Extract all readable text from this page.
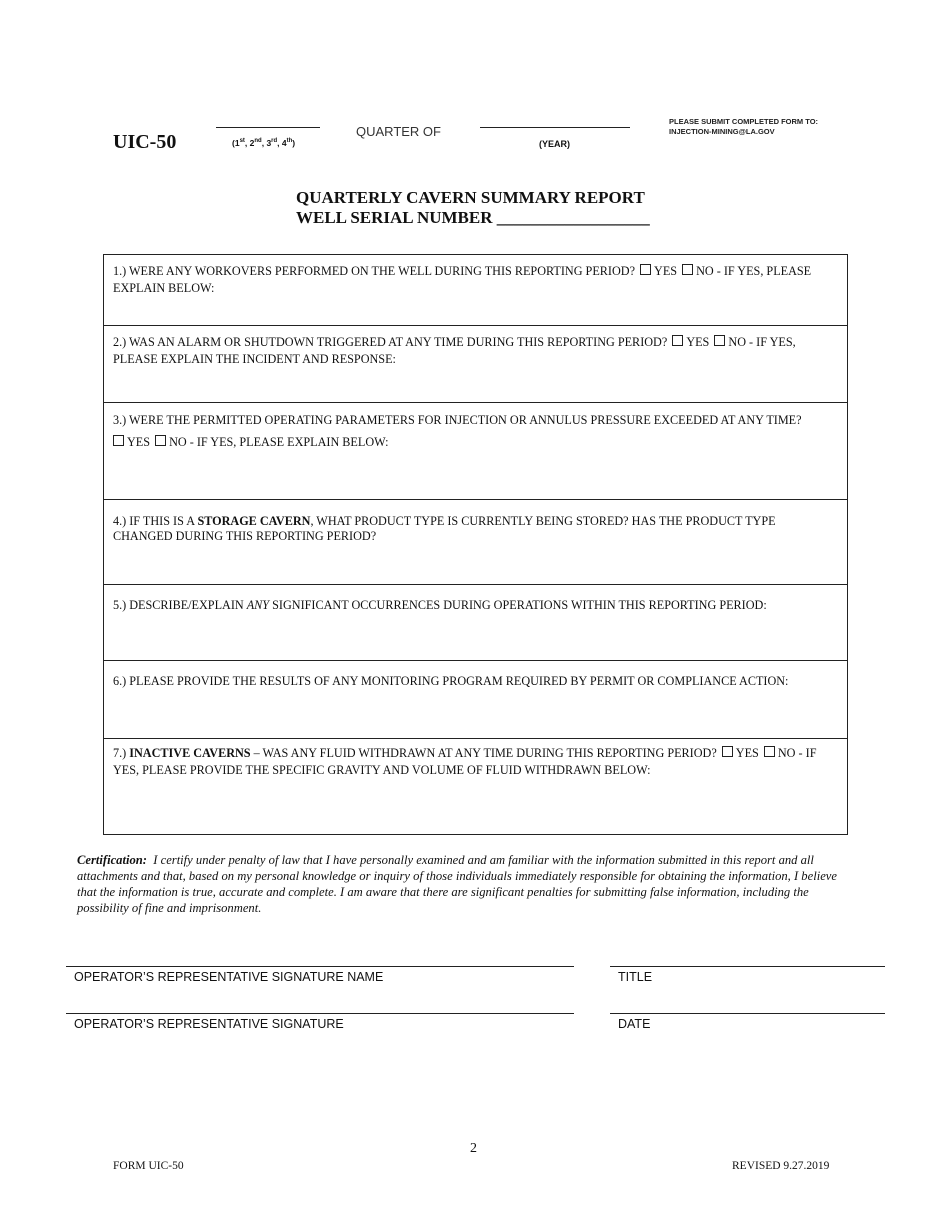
UIC-50	(1st, 2nd, 3rd, 4th)
QUARTER OF
(YEAR)
PLEASE SUBMIT COMPLETED FORM TO:
INJECTION-MINING@LA.GOV
QUARTERLY CAVERN SUMMARY REPORT
WELL SERIAL NUMBER __________________
1.) WERE ANY WORKOVERS PERFORMED ON THE WELL DURING THIS REPORTING PERIOD? YES NO - IF YES, PLEASE EXPLAIN BELOW:
2.) WAS AN ALARM OR SHUTDOWN TRIGGERED AT ANY TIME DURING THIS REPORTING PERIOD? YES NO - IF YES, PLEASE EXPLAIN THE INCIDENT AND RESPONSE:
3.) WERE THE PERMITTED OPERATING PARAMETERS FOR INJECTION OR ANNULUS PRESSURE EXCEEDED AT ANY TIME?
YES NO - IF YES, PLEASE EXPLAIN BELOW:
4.) IF THIS IS A STORAGE CAVERN, WHAT PRODUCT TYPE IS CURRENTLY BEING STORED? HAS THE PRODUCT TYPE CHANGED DURING THIS REPORTING PERIOD?
5.) DESCRIBE/EXPLAIN ANY SIGNIFICANT OCCURRENCES DURING OPERATIONS WITHIN THIS REPORTING PERIOD:
6.) PLEASE PROVIDE THE RESULTS OF ANY MONITORING PROGRAM REQUIRED BY PERMIT OR COMPLIANCE ACTION:
7.) INACTIVE CAVERNS – WAS ANY FLUID WITHDRAWN AT ANY TIME DURING THIS REPORTING PERIOD? YES NO - IF YES, PLEASE PROVIDE THE SPECIFIC GRAVITY AND VOLUME OF FLUID WITHDRAWN BELOW:
Certification: I certify under penalty of law that I have personally examined and am familiar with the information submitted in this report and all attachments and that, based on my personal knowledge or inquiry of those individuals immediately responsible for obtaining the information, I believe that the information is true, accurate and complete. I am aware that there are significant penalties for submitting false information, including the possibility of fine and imprisonment.
OPERATOR’S REPRESENTATIVE SIGNATURE NAME	TITLE
OPERATOR’S REPRESENTATIVE SIGNATURE	DATE
2
FORM UIC-50	REVISED 9.27.2019
